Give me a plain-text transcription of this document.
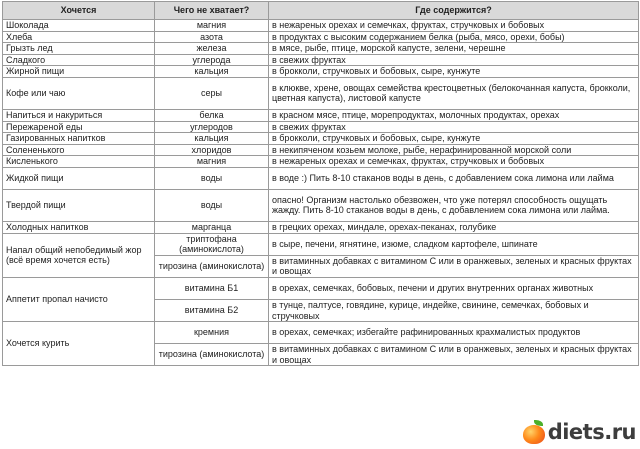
Хочется	Чего не хватает?	Где содержится?
Шоколада	магния	в нежареных орехах и семечках, фруктах, стручковых и бобовых
Хлеба	азота	в продуктах с высоким содержанием белка (рыба, мясо, орехи, бобы)
Грызть лед	железа	в мясе, рыбе, птице, морской капусте, зелени, черешне
Сладкого	углерода	в свежих фруктах
Жирной пищи	кальция	в брокколи, стручковых и бобовых, сыре, кунжуте
Кофе или чаю	серы	в клюкве, хрене, овощах семейства крестоцветных (белокочанная капуста, брокколи, цветная капуста), листовой капусте
Напиться и накуриться	белка	в красном мясе, птице, морепродуктах, молочных продуктах, орехах
Пережареной еды	углеродов	в свежих фруктах
Газированных напитков	кальция	в брокколи, стручковых и бобовых, сыре, кунжуте
Солененького	хлоридов	в некипяченом козьем молоке, рыбе, нерафинированной морской соли
Кисленького	магния	в нежареных орехах и семечках, фруктах, стручковых и бобовых
Жидкой пищи	воды	в воде :) Пить 8-10 стаканов воды в день, с добавлением сока лимона или лайма
Твердой пищи	воды	опасно! Организм настолько обезвожен, что уже потерял способность ощущать жажду. Пить 8-10 стаканов воды в день, с добавлением сока лимона или лайма.
Холодных напитков	марганца	в грецких орехах, миндале, орехах-пеканах, голубике
Напал общий непобедимый жор (всё время хочется есть)	триптофана (аминокислота)	в сыре, печени, ягнятине, изюме, сладком картофеле, шпинате
	тирозина (аминокислота)	в витаминных добавках с витамином С или в оранжевых, зеленых и красных фруктах и овощах
Аппетит пропал начисто	витамина Б1	в орехах, семечках, бобовых, печени и других внутренних органах животных
	витамина Б2	в тунце, палтусе, говядине, курице, индейке, свинине, семечках, бобовых и стручковых
Хочется курить	кремния	в орехах, семечках; избегайте рафинированных крахмалистых продуктов
	тирозина (аминокислота)	в витаминных добавках с витамином С или в оранжевых, зеленых и красных фруктах и овощах
diets.ru
